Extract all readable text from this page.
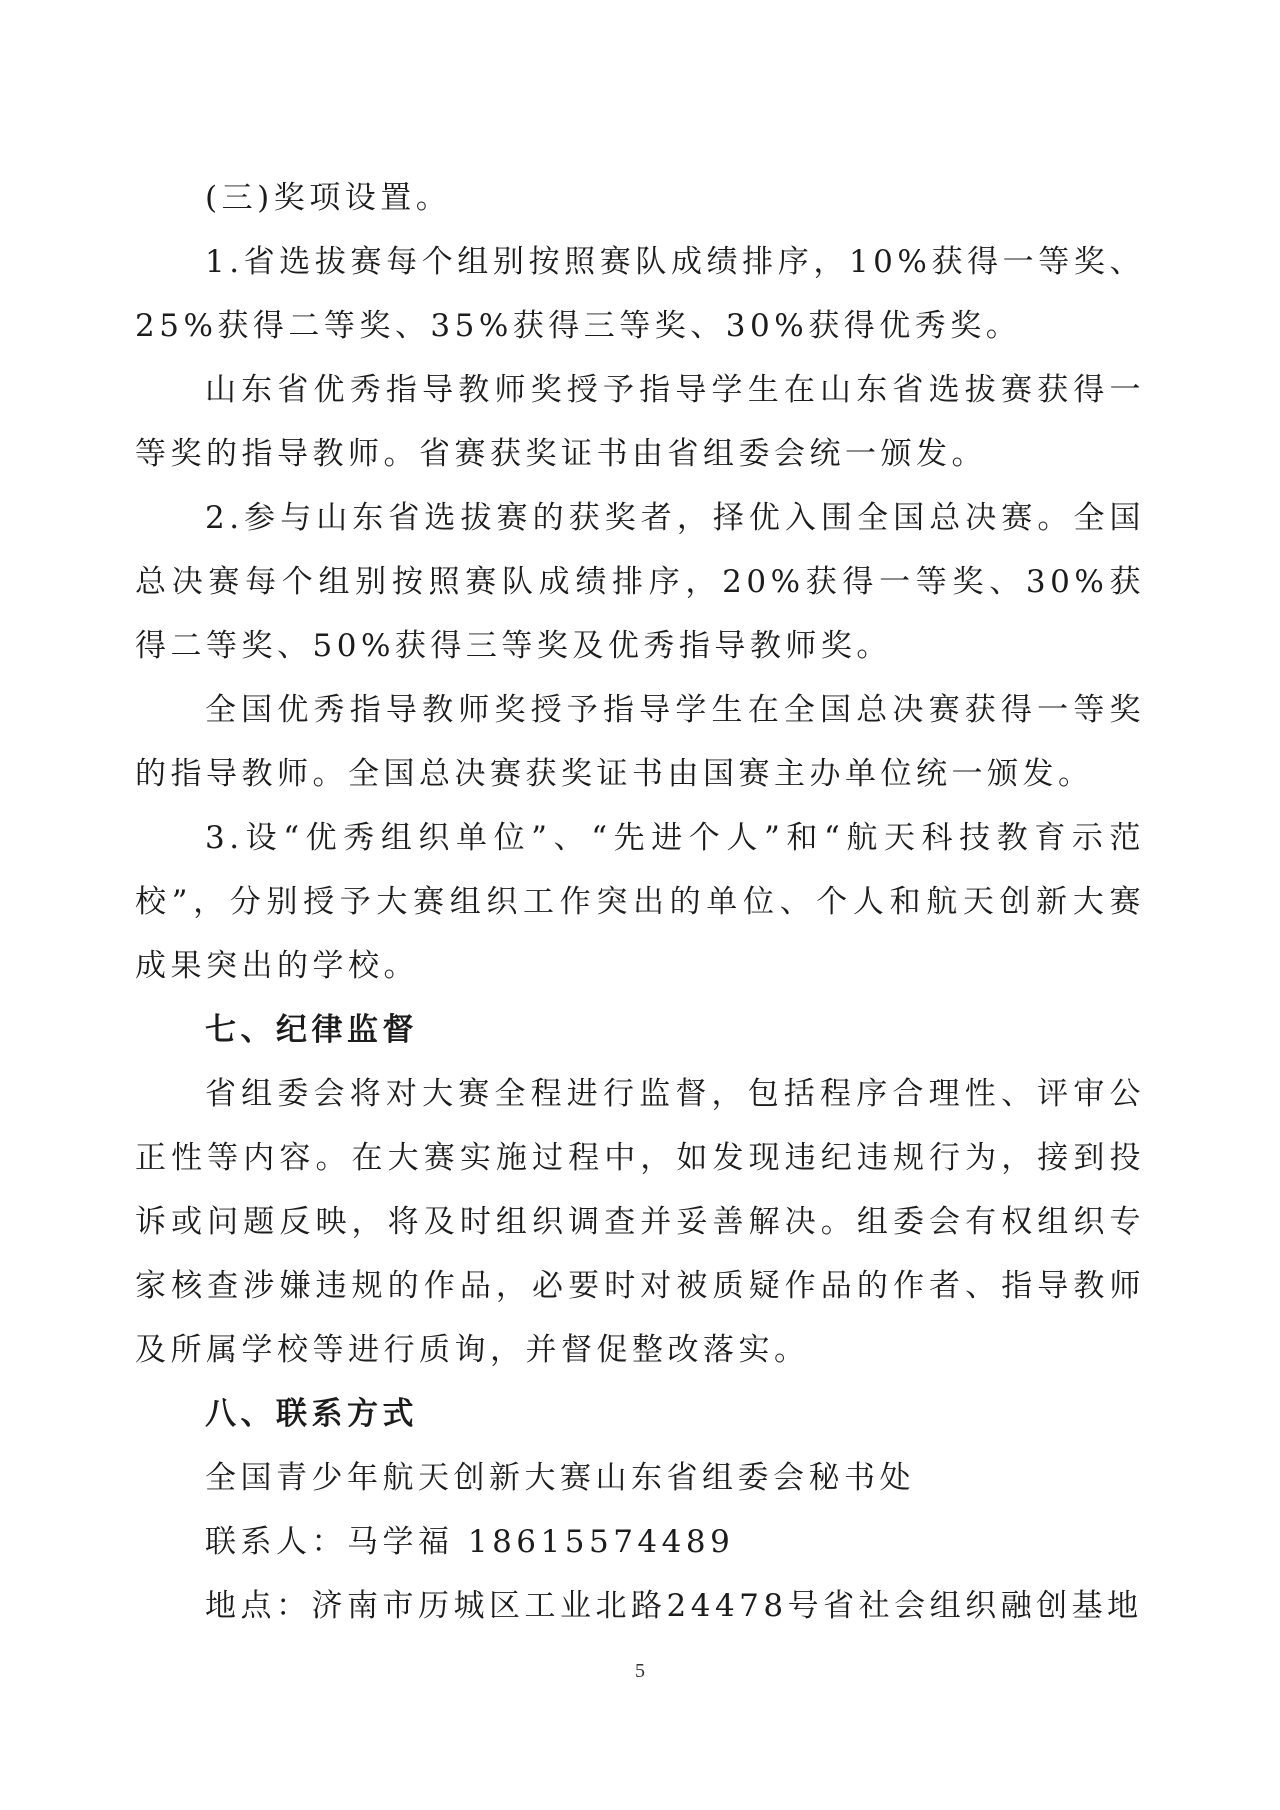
(三)奖项设置。

1.省选拔赛每个组别按照赛队成绩排序，10%获得一等奖、25%获得二等奖、35%获得三等奖、30%获得优秀奖。

山东省优秀指导教师奖授予指导学生在山东省选拔赛获得一等奖的指导教师。省赛获奖证书由省组委会统一颁发。

2.参与山东省选拔赛的获奖者，择优入围全国总决赛。全国总决赛每个组别按照赛队成绩排序，20%获得一等奖、30%获得二等奖、50%获得三等奖及优秀指导教师奖。

全国优秀指导教师奖授予指导学生在全国总决赛获得一等奖的指导教师。全国总决赛获奖证书由国赛主办单位统一颁发。

3.设“优秀组织单位”、“先进个人”和“航天科技教育示范校”，分别授予大赛组织工作突出的单位、个人和航天创新大赛成果突出的学校。

七、纪律监督

省组委会将对大赛全程进行监督，包括程序合理性、评审公正性等内容。在大赛实施过程中，如发现违纪违规行为，接到投诉或问题反映，将及时组织调查并妥善解决。组委会有权组织专家核查涉嫌违规的作品，必要时对被质疑作品的作者、指导教师及所属学校等进行质询，并督促整改落实。

八、联系方式

全国青少年航天创新大赛山东省组委会秘书处

联系人：马学福 18615574489

地点：济南市历城区工业北路24478号省社会组织融创基地

5
